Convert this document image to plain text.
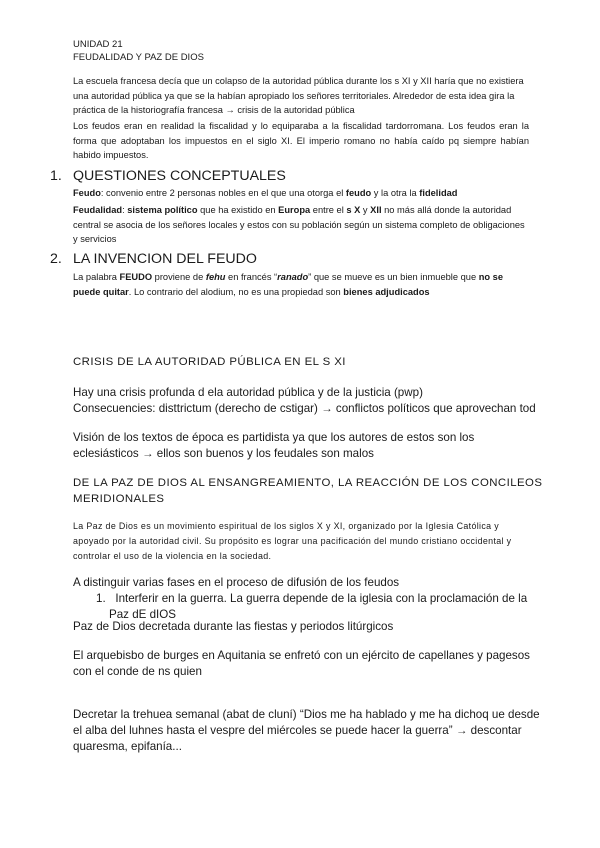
UNIDAD 21
FEUDALIDAD Y PAZ DE DIOS

La escuela francesa decía que un colapso de la autoridad pública durante los s XI y XII haría que no existiera una autoridad pública ya que se la habían apropiado los señores territoriales. Alrededor de esta idea gira la práctica de la historiografía francesa → crisis de la autoridad pública

Los feudos eran en realidad la fiscalidad y lo equiparaba a la fiscalidad tardorromana. Los feudos eran la forma que adoptaban los impuestos en el siglo XI. El imperio romano no había caído pq siempre habían habido impuestos.

1. QUESTIONES CONCEPTUALES

Feudo: convenio entre 2 personas nobles en el que una otorga el feudo y la otra la fidelidad

Feudalidad: sistema político que ha existido en Europa entre el s X y XII no más allá donde la autoridad central se asocia de los señores locales y estos con su población según un sistema completo de obligaciones y servicios

2. LA INVENCION DEL FEUDO

La palabra FEUDO proviene de fehu en francés “ranado” que se mueve es un bien inmueble que no se puede quitar. Lo contrario del alodium, no es una propiedad son bienes adjudicados

CRISIS DE LA AUTORIDAD PÚBLICA EN EL S XI
Hay una crisis profunda d ela autoridad pública y de la justicia (pwp)
Consecuencies: disttrictum (derecho de cstigar) → conflictos políticos que aprovechan tod

Visión de los textos de época es partidista ya que los autores de estos son los eclesiásticos → ellos son buenos y los feudales son malos

DE LA PAZ DE DIOS AL ENSANGREAMIENTO, LA REACCIÓN DE LOS CONCILEOS MERIDIONALES

La Paz de Dios es un movimiento espiritual de los siglos X y XI, organizado por la Iglesia Católica y apoyado por la autoridad civil. Su propósito es lograr una pacificación del mundo cristiano occidental y controlar el uso de la violencia en la sociedad.

A distinguir varias fases en el proceso de difusión de los feudos

1. Interferir en la guerra. La guerra depende de la iglesia con la proclamación de la Paz dE dIOS

Paz de Dios decretada durante las fiestas y periodos litúrgicos

El arquebisbo de burges en Aquitania se enfretó con un ejército de capellanes y pagesos con el conde de ns quien

Decretar la trehuea semanal (abat de cluní) “Dios me ha hablado y me ha dichoq ue desde el alba del luhnes hasta el vespre del miércoles se puede hacer la guerra” → descontar quaresma, epifanía...
